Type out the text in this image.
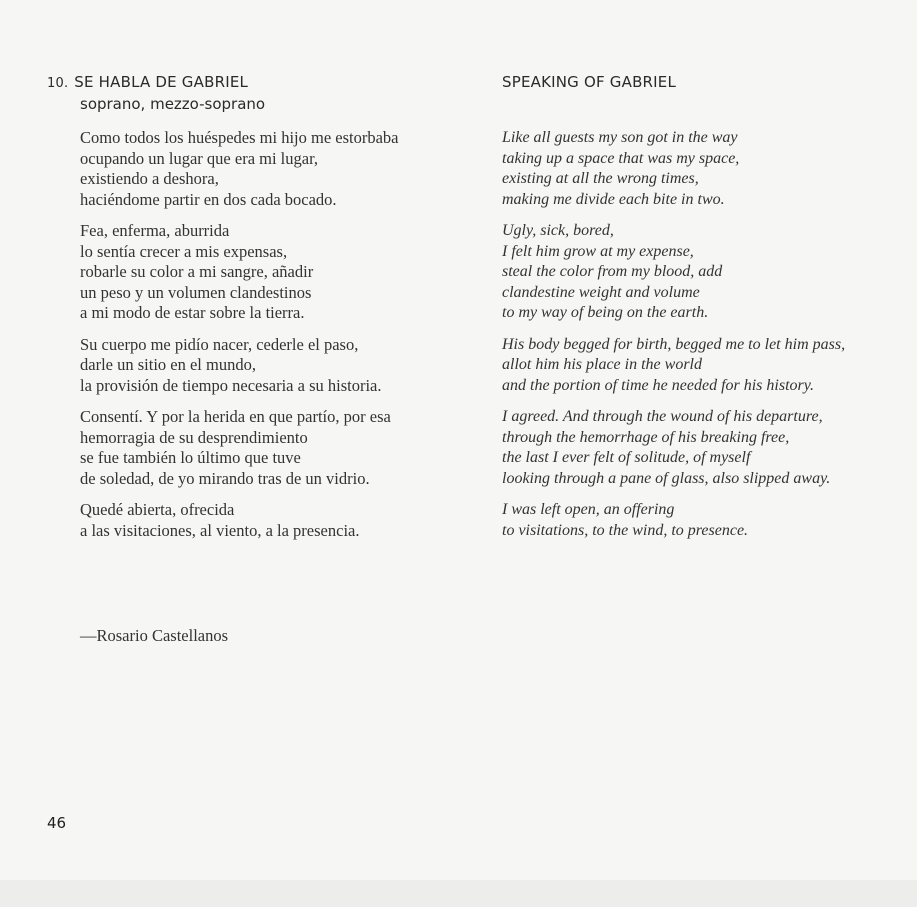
10. SE HABLA DE GABRIEL
soprano, mezzo-soprano
SPEAKING OF GABRIEL
Como todos los huéspedes mi hijo me estorbaba
ocupando un lugar que era mi lugar,
existiendo a deshora,
haciéndome partir en dos cada bocado.
Fea, enferma, aburrida
lo sentía crecer a mis expensas,
robarle su color a mi sangre, añadir
un peso y un volumen clandestinos
a mi modo de estar sobre la tierra.
Su cuerpo me pidío nacer, cederle el paso,
darle un sitio en el mundo,
la provisión de tiempo necesaria a su historia.
Consentí. Y por la herida en que partío, por esa
hemorragia de su desprendimiento
se fue también lo último que tuve
de soledad, de yo mirando tras de un vidrio.
Quedé abierta, ofrecida
a las visitaciones, al viento, a la presencia.
Like all guests my son got in the way
taking up a space that was my space,
existing at all the wrong times,
making me divide each bite in two.
Ugly, sick, bored,
I felt him grow at my expense,
steal the color from my blood, add
clandestine weight and volume
to my way of being on the earth.
His body begged for birth, begged me to let him pass,
allot him his place in the world
and the portion of time he needed for his history.
I agreed. And through the wound of his departure,
through the hemorrhage of his breaking free,
the last I ever felt of solitude, of myself
looking through a pane of glass, also slipped away.
I was left open, an offering
to visitations, to the wind, to presence.
—Rosario Castellanos
46
